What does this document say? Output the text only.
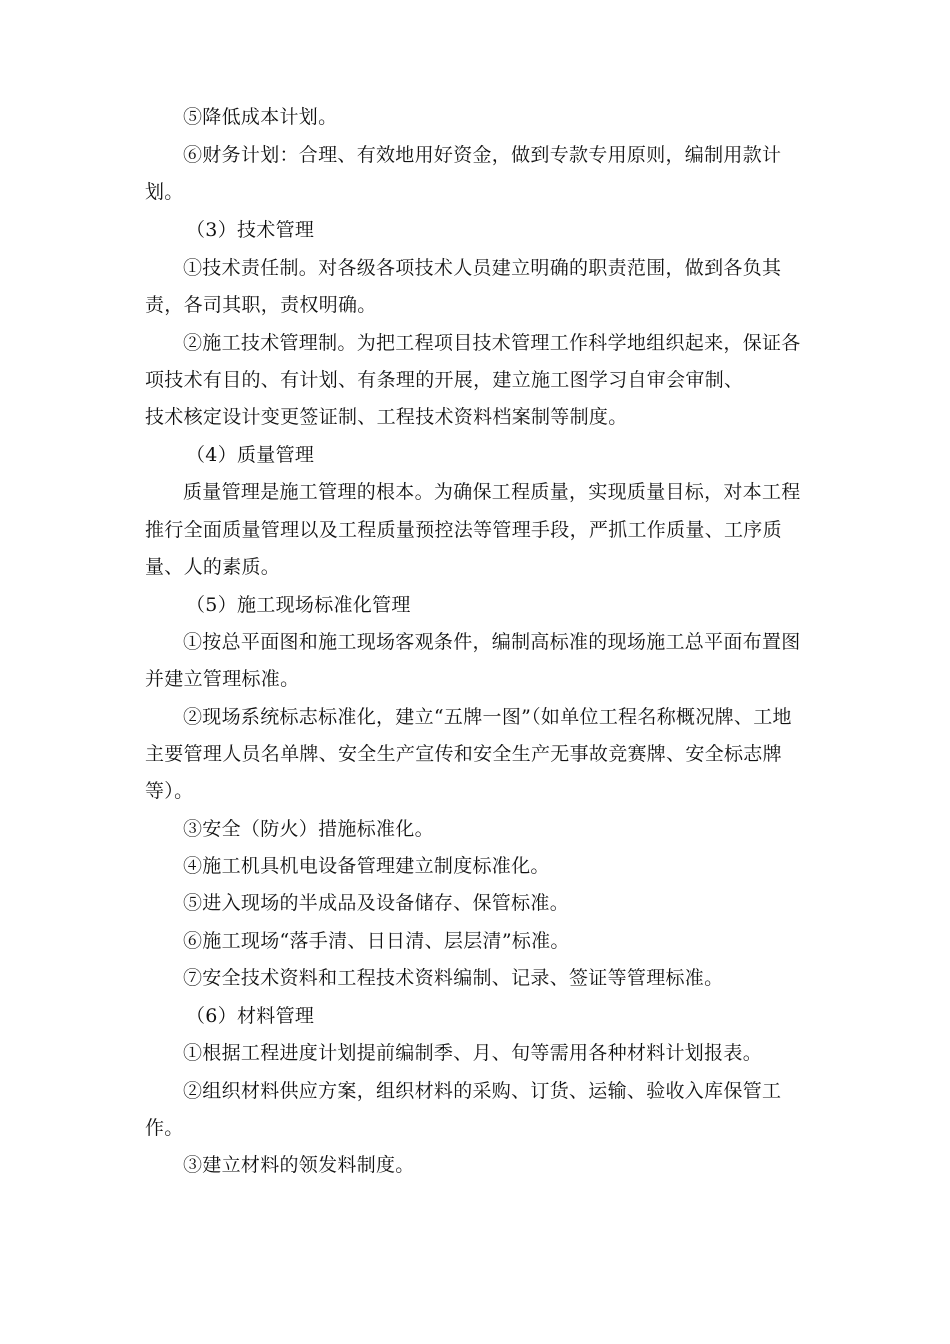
⑤降低成本计划。
⑥财务计划：合理、有效地用好资金，做到专款专用原则，编制用款计
划。
（3）技术管理
①技术责任制。对各级各项技术人员建立明确的职责范围，做到各负其
责，各司其职，责权明确。
②施工技术管理制。为把工程项目技术管理工作科学地组织起来，保证各
项技术有目的、有计划、有条理的开展，建立施工图学习自审会审制、
技术核定设计变更签证制、工程技术资料档案制等制度。
（4）质量管理
质量管理是施工管理的根本。为确保工程质量，实现质量目标，对本工程
推行全面质量管理以及工程质量预控法等管理手段，严抓工作质量、工序质
量、人的素质。
（5）施工现场标准化管理
①按总平面图和施工现场客观条件，编制高标准的现场施工总平面布置图
并建立管理标准。
②现场系统标志标准化，建立“五牌一图”（如单位工程名称概况牌、工地
主要管理人员名单牌、安全生产宣传和安全生产无事故竞赛牌、安全标志牌
等）。
③安全（防火）措施标准化。
④施工机具机电设备管理建立制度标准化。
⑤进入现场的半成品及设备储存、保管标准。
⑥施工现场“落手清、日日清、层层清”标准。
⑦安全技术资料和工程技术资料编制、记录、签证等管理标准。
（6）材料管理
①根据工程进度计划提前编制季、月、旬等需用各种材料计划报表。
②组织材料供应方案，组织材料的采购、订货、运输、验收入库保管工
作。
③建立材料的领发料制度。
